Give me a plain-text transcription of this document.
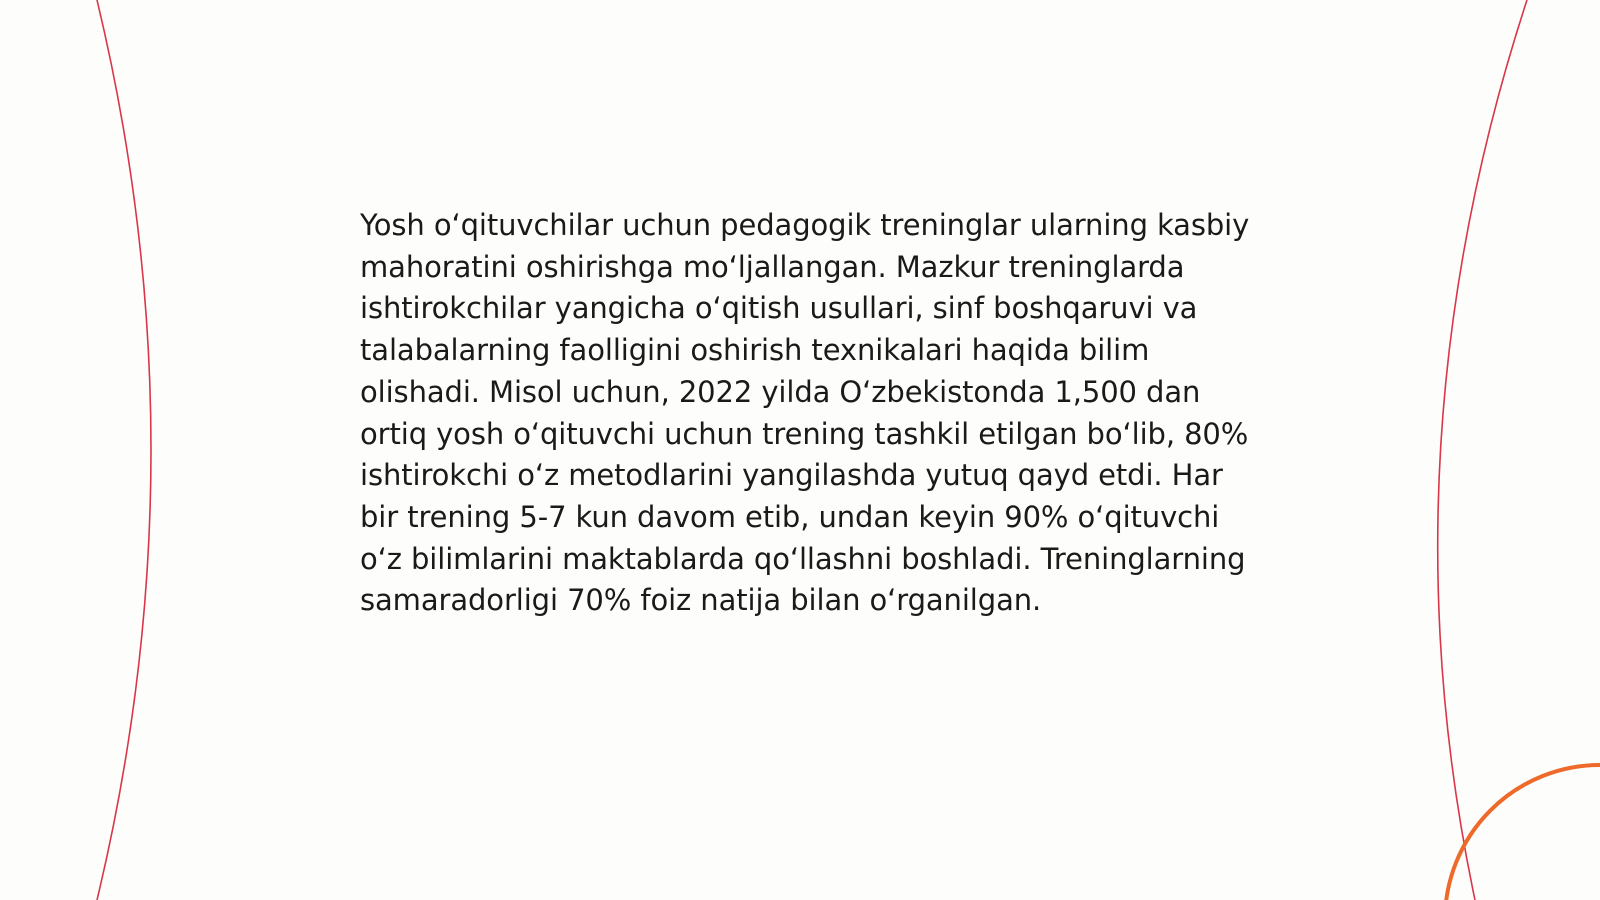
Yosh o‘qituvchilar uchun pedagogik treninglar ularning kasbiy mahoratini oshirishga mo‘ljallangan. Mazkur treninglarda ishtirokchilar yangicha o‘qitish usullari, sinf boshqaruvi va talabalarning faolligini oshirish texnikalari haqida bilim olishadi. Misol uchun, 2022 yilda O‘zbekistonda 1,500 dan ortiq yosh o‘qituvchi uchun trening tashkil etilgan bo‘lib, 80% ishtirokchi o‘z metodlarini yangilashda yutuq qayd etdi. Har bir trening 5-7 kun davom etib, undan keyin 90% o‘qituvchi o‘z bilimlarini maktablarda qo‘llashni boshladi. Treninglarning samaradorligi 70% foiz natija bilan o‘rganilgan.
